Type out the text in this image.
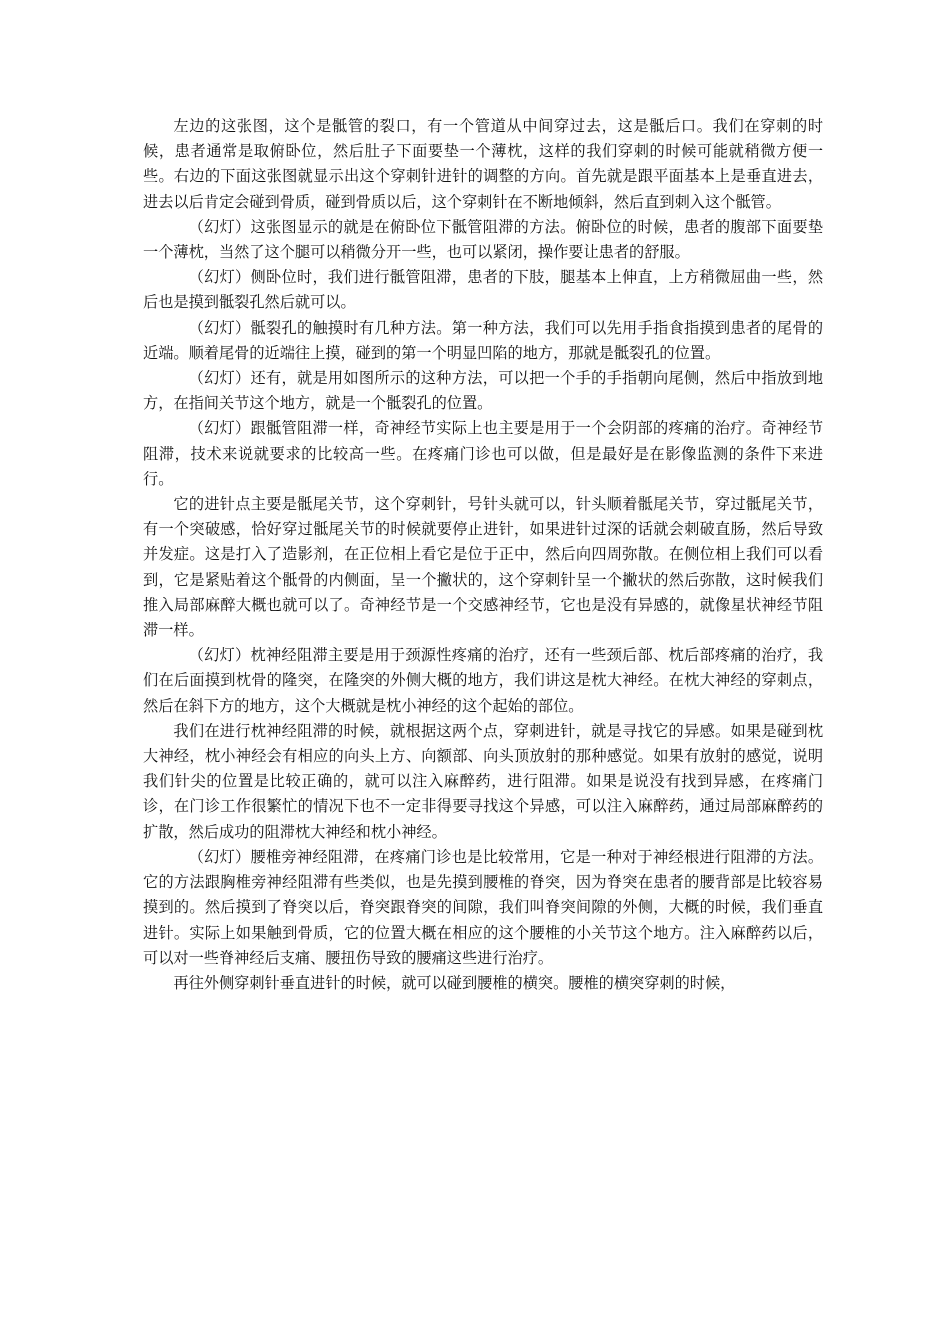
左边的这张图，这个是骶管的裂口，有一个管道从中间穿过去，这是骶后口。我们在穿刺的时候，患者通常是取俯卧位，然后肚子下面要垫一个薄枕，这样的我们穿刺的时候可能就稍微方便一些。右边的下面这张图就显示出这个穿刺针进针的调整的方向。首先就是跟平面基本上是垂直进去，进去以后肯定会碰到骨质，碰到骨质以后，这个穿刺针在不断地倾斜，然后直到刺入这个骶管。

（幻灯）这张图显示的就是在俯卧位下骶管阻滞的方法。俯卧位的时候，患者的腹部下面要垫一个薄枕，当然了这个腿可以稍微分开一些，也可以紧闭，操作要让患者的舒服。

（幻灯）侧卧位时，我们进行骶管阻滞，患者的下肢，腿基本上伸直，上方稍微屈曲一些，然后也是摸到骶裂孔然后就可以。

（幻灯）骶裂孔的触摸时有几种方法。第一种方法，我们可以先用手指食指摸到患者的尾骨的近端。顺着尾骨的近端往上摸，碰到的第一个明显凹陷的地方，那就是骶裂孔的位置。

（幻灯）还有，就是用如图所示的这种方法，可以把一个手的手指朝向尾侧，然后中指放到地方，在指间关节这个地方，就是一个骶裂孔的位置。

（幻灯）跟骶管阻滞一样，奇神经节实际上也主要是用于一个会阴部的疼痛的治疗。奇神经节阻滞，技术来说就要求的比较高一些。在疼痛门诊也可以做，但是最好是在影像监测的条件下来进行。

它的进针点主要是骶尾关节，这个穿刺针，号针头就可以，针头顺着骶尾关节，穿过骶尾关节，有一个突破感，恰好穿过骶尾关节的时候就要停止进针，如果进针过深的话就会刺破直肠，然后导致并发症。这是打入了造影剂，在正位相上看它是位于正中，然后向四周弥散。在侧位相上我们可以看到，它是紧贴着这个骶骨的内侧面，呈一个撇状的，这个穿刺针呈一个撇状的然后弥散，这时候我们推入局部麻醉大概也就可以了。奇神经节是一个交感神经节，它也是没有异感的，就像星状神经节阻滞一样。

（幻灯）枕神经阻滞主要是用于颈源性疼痛的治疗，还有一些颈后部、枕后部疼痛的治疗，我们在后面摸到枕骨的隆突，在隆突的外侧大概的地方，我们讲这是枕大神经。在枕大神经的穿刺点，然后在斜下方的地方，这个大概就是枕小神经的这个起始的部位。

我们在进行枕神经阻滞的时候，就根据这两个点，穿刺进针，就是寻找它的异感。如果是碰到枕大神经，枕小神经会有相应的向头上方、向额部、向头顶放射的那种感觉。如果有放射的感觉，说明我们针尖的位置是比较正确的，就可以注入麻醉药，进行阻滞。如果是说没有找到异感，在疼痛门诊，在门诊工作很繁忙的情况下也不一定非得要寻找这个异感，可以注入麻醉药，通过局部麻醉药的扩散，然后成功的阻滞枕大神经和枕小神经。

（幻灯）腰椎旁神经阻滞，在疼痛门诊也是比较常用，它是一种对于神经根进行阻滞的方法。它的方法跟胸椎旁神经阻滞有些类似，也是先摸到腰椎的脊突，因为脊突在患者的腰背部是比较容易摸到的。然后摸到了脊突以后，脊突跟脊突的间隙，我们叫脊突间隙的外侧，大概的时候，我们垂直进针。实际上如果触到骨质，它的位置大概在相应的这个腰椎的小关节这个地方。注入麻醉药以后，可以对一些脊神经后支痛、腰扭伤导致的腰痛这些进行治疗。

再往外侧穿刺针垂直进针的时候，就可以碰到腰椎的横突。腰椎的横突穿刺的时候，
